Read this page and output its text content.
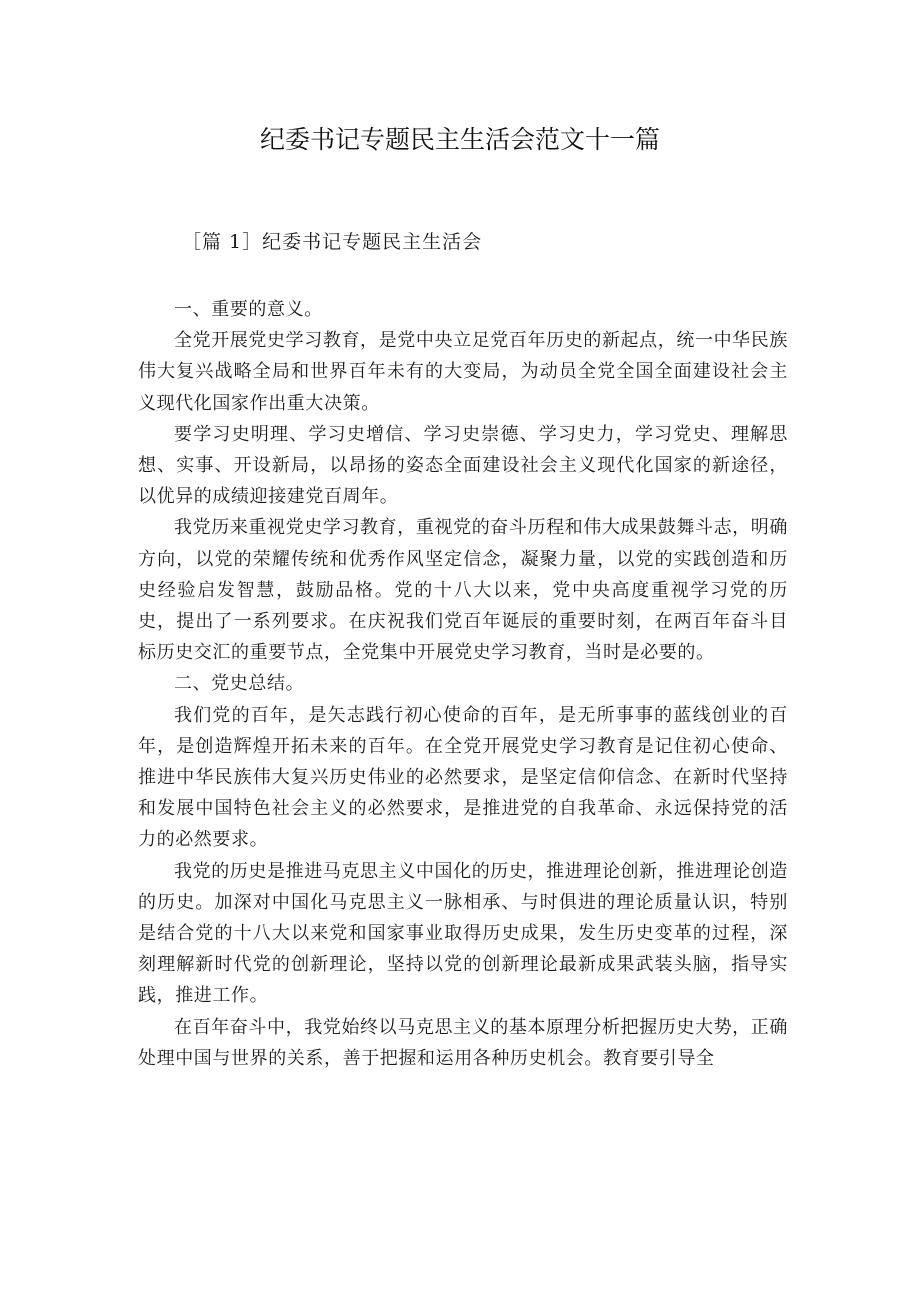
纪委书记专题民主生活会范文十一篇
［篇 1］纪委书记专题民主生活会

一、重要的意义。

全党开展党史学习教育，是党中央立足党百年历史的新起点，统一中华民族伟大复兴战略全局和世界百年未有的大变局，为动员全党全国全面建设社会主义现代化国家作出重大决策。

要学习史明理、学习史增信、学习史崇德、学习史力，学习党史、理解思想、实事、开设新局，以昂扬的姿态全面建设社会主义现代化国家的新途径，以优异的成绩迎接建党百周年。

我党历来重视党史学习教育，重视党的奋斗历程和伟大成果鼓舞斗志，明确方向，以党的荣耀传统和优秀作风坚定信念，凝聚力量，以党的实践创造和历史经验启发智慧，鼓励品格。党的十八大以来，党中央高度重视学习党的历史，提出了一系列要求。在庆祝我们党百年诞辰的重要时刻，在两百年奋斗目标历史交汇的重要节点，全党集中开展党史学习教育，当时是必要的。

二、党史总结。

我们党的百年，是矢志践行初心使命的百年，是无所事事的蓝线创业的百年，是创造辉煌开拓未来的百年。在全党开展党史学习教育是记住初心使命、推进中华民族伟大复兴历史伟业的必然要求，是坚定信仰信念、在新时代坚持和发展中国特色社会主义的必然要求，是推进党的自我革命、永远保持党的活力的必然要求。

我党的历史是推进马克思主义中国化的历史，推进理论创新，推进理论创造的历史。加深对中国化马克思主义一脉相承、与时俱进的理论质量认识，特别是结合党的十八大以来党和国家事业取得历史成果，发生历史变革的过程，深刻理解新时代党的创新理论，坚持以党的创新理论最新成果武装头脑，指导实践，推进工作。

在百年奋斗中，我党始终以马克思主义的基本原理分析把握历史大势，正确处理中国与世界的关系，善于把握和运用各种历史机会。教育要引导全
